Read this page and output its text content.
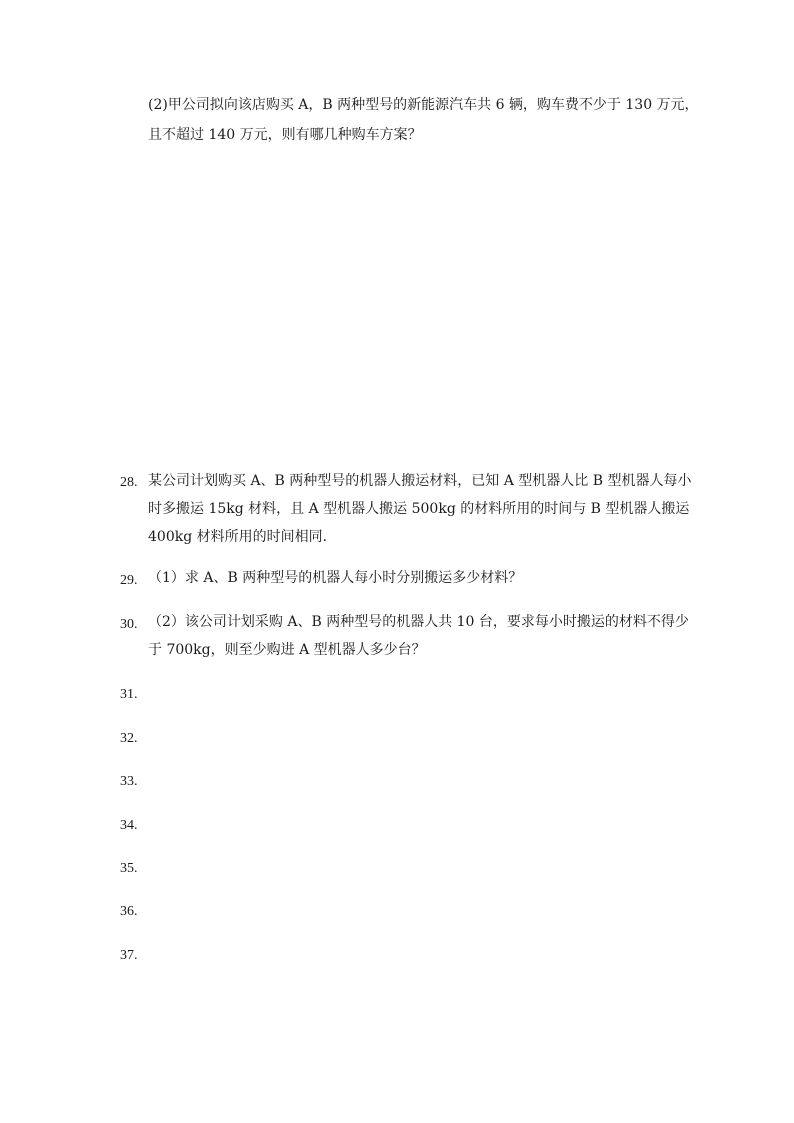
(2)甲公司拟向该店购买 A，B 两种型号的新能源汽车共 6 辆，购车费不少于 130 万元，
且不超过 140 万元，则有哪几种购车方案？
28. 某公司计划购买 A、B 两种型号的机器人搬运材料，已知 A 型机器人比 B 型机器人每小
时多搬运 15kg 材料，且 A 型机器人搬运 500kg 的材料所用的时间与 B 型机器人搬运
400kg 材料所用的时间相同．
29. （1）求 A、B 两种型号的机器人每小时分别搬运多少材料？
30. （2）该公司计划采购 A、B 两种型号的机器人共 10 台，要求每小时搬运的材料不得少
于 700kg，则至少购进 A 型机器人多少台？
31.
32.
33.
34.
35.
36.
37.
